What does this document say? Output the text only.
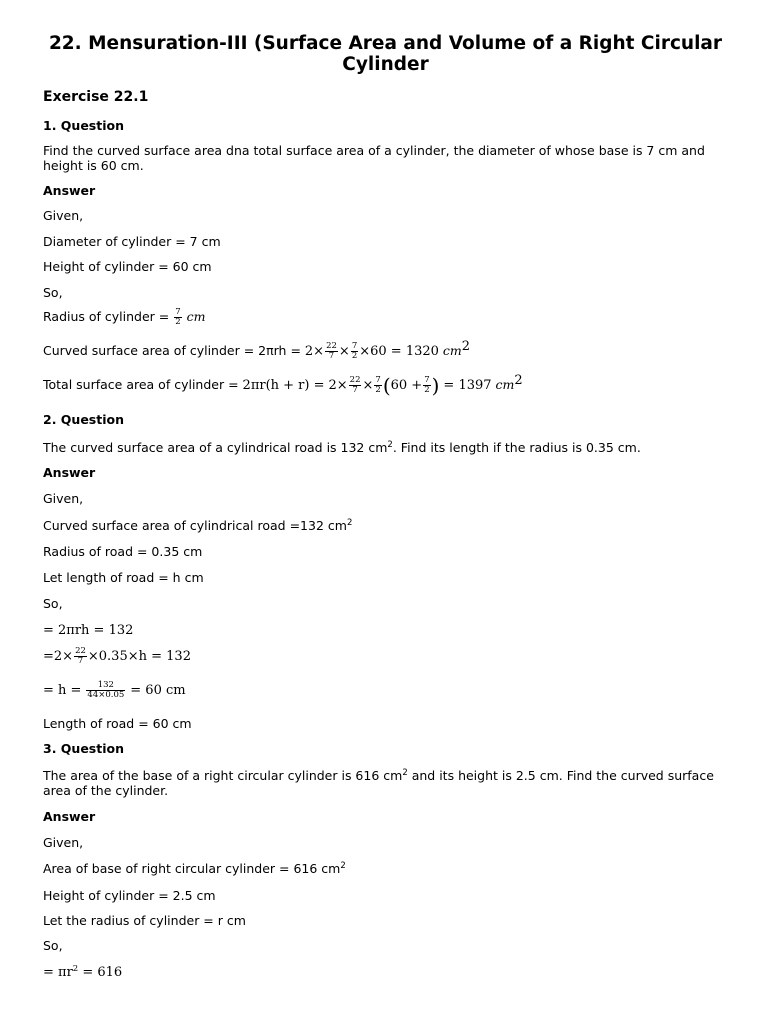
22. Mensuration-III (Surface Area and Volume of a Right Circular Cylinder
Exercise 22.1
1. Question
Find the curved surface area dna total surface area of a cylinder, the diameter of whose base is 7 cm and height is 60 cm.
Answer
Given,
Diameter of cylinder = 7 cm
Height of cylinder = 60 cm
So,
Radius of cylinder = $\frac{7}{2}$ cm
Curved surface area of cylinder = $2\pi rh = 2\times \frac{22}{7} \times \frac{7}{2} \times 60 = 1320$ $cm^2$
Total surface area of cylinder = $2\pi r(h + r) = 2\times \frac{22}{7} \times \frac{7}{2} (60 + \frac{7}{2}$ ) = 1397 $cm^2$
2. Question
The curved surface area of a cylindrical road is 132 $cm^2$. Find its length if the radius is 0.35 cm.
Answer
Given,
Curved surface area of cylindrical road =132 $cm^2$
Radius of road = 0.35 cm
Let length of road = h cm
So,
= 2πrh = 132
$=2\times \frac{22}{7} \times 0.35\times h = 132$
= $h = \frac{132}{44\times 0.05} = 60$ cm
Length of road = 60 cm
3. Question
The area of the base of a right circular cylinder is 616 $cm^2$ and its height is 2.5 cm. Find the curved surface area of the cylinder.
Answer
Given,
Area of base of right circular cylinder = 616 $cm^2$
Height of cylinder = 2.5 cm
Let the radius of cylinder = r cm
So,
= $\pi r^2 = 616$
